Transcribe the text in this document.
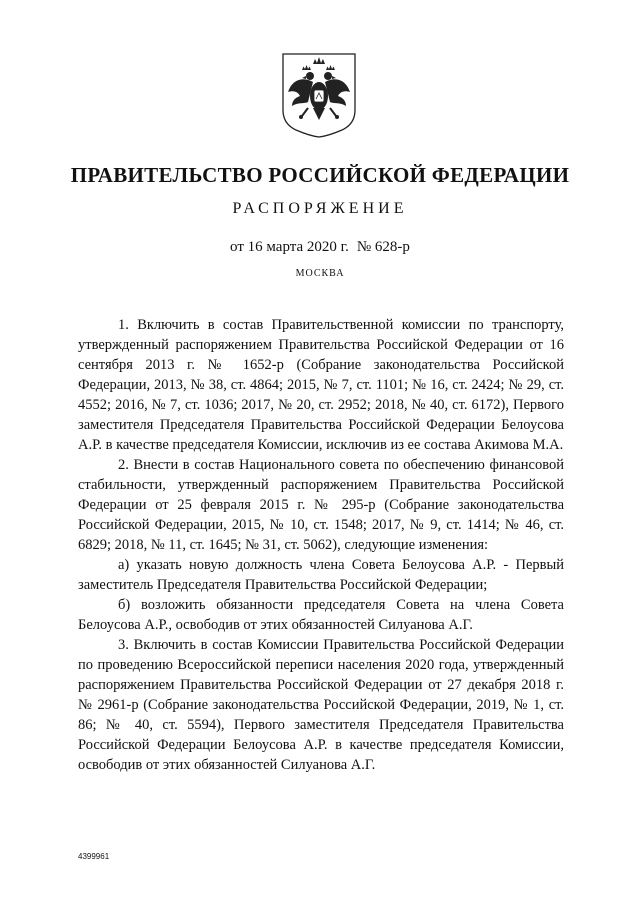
ПРАВИТЕЛЬСТВО РОССИЙСКОЙ ФЕДЕРАЦИИ
РАСПОРЯЖЕНИЕ
от 16 марта 2020 г. № 628-р
МОСКВА

1. Включить в состав Правительственной комиссии по транспорту, утвержденный распоряжением Правительства Российской Федерации от 16 сентября 2013 г. № 1652-р (Собрание законодательства Российской Федерации, 2013, № 38, ст. 4864; 2015, № 7, ст. 1101; № 16, ст. 2424; № 29, ст. 4552; 2016, № 7, ст. 1036; 2017, № 20, ст. 2952; 2018, № 40, ст. 6172), Первого заместителя Председателя Правительства Российской Федерации Белоусова А.Р. в качестве председателя Комиссии, исключив из ее состава Акимова М.А.

2. Внести в состав Национального совета по обеспечению финансовой стабильности, утвержденный распоряжением Правительства Российской Федерации от 25 февраля 2015 г. № 295-р (Собрание законодательства Российской Федерации, 2015, № 10, ст. 1548; 2017, № 9, ст. 1414; № 46, ст. 6829; 2018, № 11, ст. 1645; № 31, ст. 5062), следующие изменения:

а) указать новую должность члена Совета Белоусова А.Р. - Первый заместитель Председателя Правительства Российской Федерации;

б) возложить обязанности председателя Совета на члена Совета Белоусова А.Р., освободив от этих обязанностей Силуанова А.Г.

3. Включить в состав Комиссии Правительства Российской Федерации по проведению Всероссийской переписи населения 2020 года, утвержденный распоряжением Правительства Российской Федерации от 27 декабря 2018 г. № 2961-р (Собрание законодательства Российской Федерации, 2019, № 1, ст. 86; № 40, ст. 5594), Первого заместителя Председателя Правительства Российской Федерации Белоусова А.Р. в качестве председателя Комиссии, освободив от этих обязанностей Силуанова А.Г.

4399961
